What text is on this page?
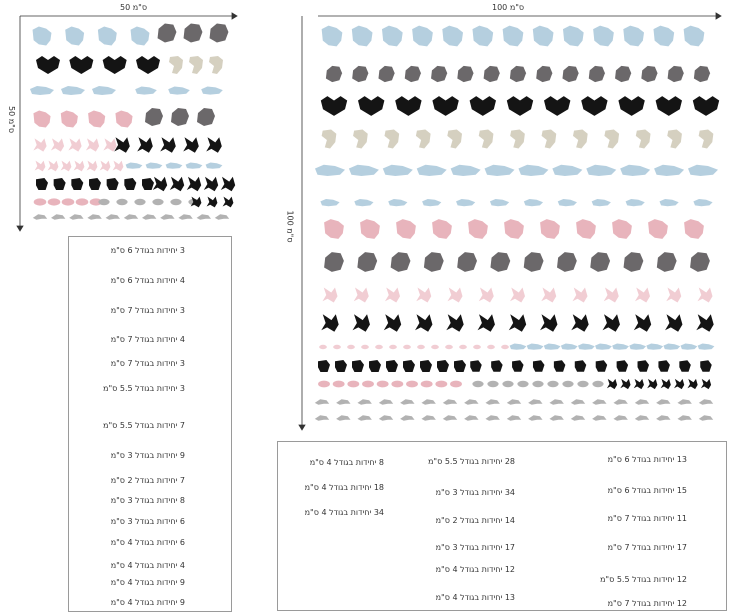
50 ס"מ
50 ס"מ
100 ס"מ
100 ס"מ
3 יחידות בגודל 6 ס"מ
4 יחידות בגודל 6 ס"מ
3 יחידות בגודל 7 ס"מ
4 יחידות בגודל 7 ס"מ
3 יחידות בגודל 7 ס"מ
3 יחידות בגודל 5.5 ס"מ
7 יחידות בגודל 5.5 ס"מ
9 יחידות בגודל 3 ס"מ
7 יחידות בגודל 2 ס"מ
8 יחידות בגודל 3 ס"מ
6 יחידות בגודל 3 ס"מ
6 יחידות בגודל 4 ס"מ
4 יחידות בגודל 4 ס"מ
9 יחידות בגודל 4 ס"מ
9 יחידות בגודל 4 ס"מ
13 יחידות בגודל 6 ס"מ
15 יחידות בגודל 6 ס"מ
11 יחידות בגודל 7 ס"מ
17 יחידות בגודל 7 ס"מ
12 יחידות בגודל 5.5 ס"מ
12 יחידות בגודל 7 ס"מ
28 יחידות בגודל 5.5 ס"מ
34 יחידות בגודל 3 ס"מ
14 יחידות בגודל 2 ס"מ
17 יחידות בגודל 3 ס"מ
12 יחידות בגודל 4 ס"מ
13 יחידות בגודל 4 ס"מ
8 יחידות בגודל 4 ס"מ
18 יחידות בגודל 4 ס"מ
34 יחידות בגודל 4 ס"מ
